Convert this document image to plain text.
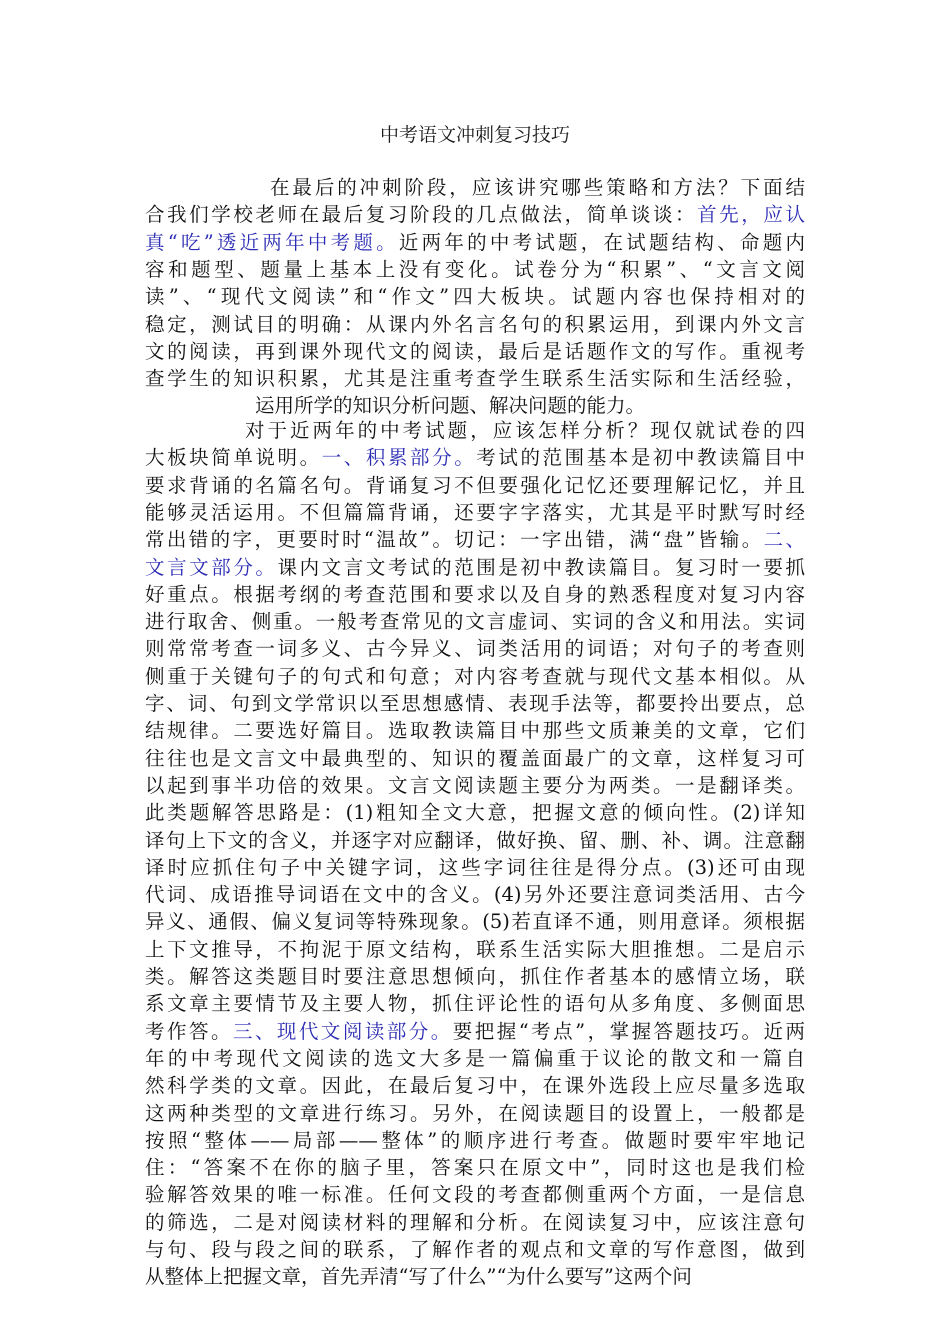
中考语文冲刺复习技巧
在最后的冲刺阶段，应该讲究哪些策略和方法？下面结
合我们学校老师在最后复习阶段的几点做法，简单谈谈：首先，应认
真“吃”透近两年中考题。近两年的中考试题，在试题结构、命题内
容和题型、题量上基本上没有变化。试卷分为“积累”、“文言文阅
读”、“现代文阅读”和“作文”四大板块。试题内容也保持相对的
稳定，测试目的明确：从课内外名言名句的积累运用，到课内外文言
文的阅读，再到课外现代文的阅读，最后是话题作文的写作。重视考
查学生的知识积累，尤其是注重考查学生联系生活实际和生活经验，
运用所学的知识分析问题、解决问题的能力。
对于近两年的中考试题，应该怎样分析？现仅就试卷的四
大板块简单说明。一、积累部分。考试的范围基本是初中教读篇目中
要求背诵的名篇名句。背诵复习不但要强化记忆还要理解记忆，并且
能够灵活运用。不但篇篇背诵，还要字字落实，尤其是平时默写时经
常出错的字，更要时时“温故”。切记：一字出错，满“盘”皆输。二、
文言文部分。课内文言文考试的范围是初中教读篇目。复习时一要抓
好重点。根据考纲的考查范围和要求以及自身的熟悉程度对复习内容
进行取舍、侧重。一般考查常见的文言虚词、实词的含义和用法。实词
则常常考查一词多义、古今异义、词类活用的词语；对句子的考查则
侧重于关键句子的句式和句意；对内容考查就与现代文基本相似。从
字、词、句到文学常识以至思想感情、表现手法等，都要拎出要点，总
结规律。二要选好篇目。选取教读篇目中那些文质兼美的文章，它们
往往也是文言文中最典型的、知识的覆盖面最广的文章，这样复习可
以起到事半功倍的效果。文言文阅读题主要分为两类。一是翻译类。
此类题解答思路是：(1)粗知全文大意，把握文意的倾向性。(2)详知
译句上下文的含义，并逐字对应翻译，做好换、留、删、补、调。注意翻
译时应抓住句子中关键字词，这些字词往往是得分点。(3)还可由现
代词、成语推导词语在文中的含义。(4)另外还要注意词类活用、古今
异义、通假、偏义复词等特殊现象。(5)若直译不通，则用意译。须根据
上下文推导，不拘泥于原文结构，联系生活实际大胆推想。二是启示
类。解答这类题目时要注意思想倾向，抓住作者基本的感情立场，联
系文章主要情节及主要人物，抓住评论性的语句从多角度、多侧面思
考作答。三、现代文阅读部分。要把握“考点”，掌握答题技巧。近两
年的中考现代文阅读的选文大多是一篇偏重于议论的散文和一篇自
然科学类的文章。因此，在最后复习中，在课外选段上应尽量多选取
这两种类型的文章进行练习。另外，在阅读题目的设置上，一般都是
按照“整体——局部——整体”的顺序进行考查。做题时要牢牢地记
住：“答案不在你的脑子里，答案只在原文中”，同时这也是我们检
验解答效果的唯一标准。任何文段的考查都侧重两个方面，一是信息
的筛选，二是对阅读材料的理解和分析。在阅读复习中，应该注意句
与句、段与段之间的联系，了解作者的观点和文章的写作意图，做到
从整体上把握文章，首先弄清“写了什么”“为什么要写”这两个问
